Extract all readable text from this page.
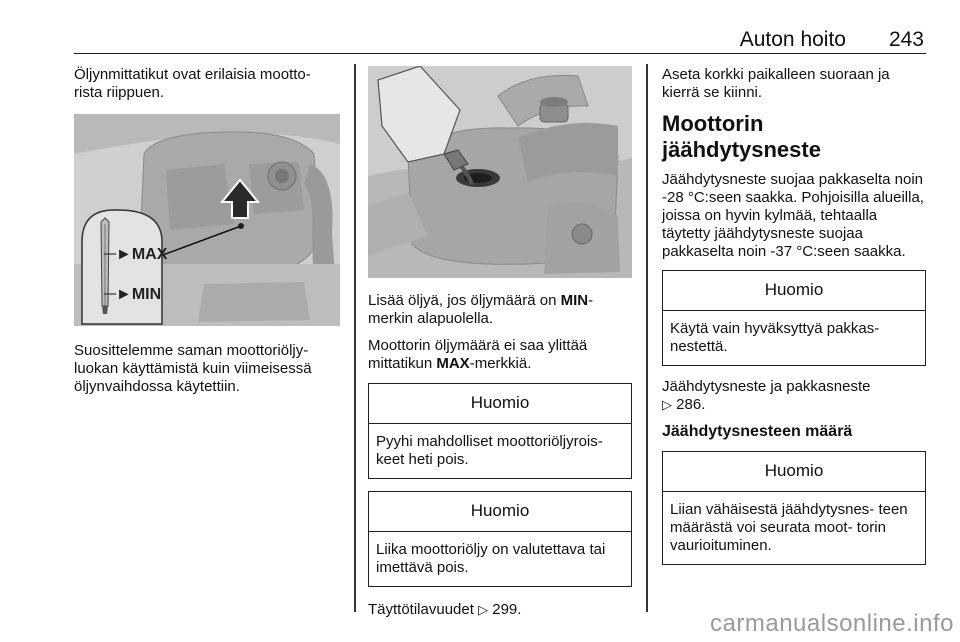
Auton hoito 243

Öljynmittatikut ovat erilaisia mootto- rista riippuen.

►MAX
►MIN

Suosittelemme saman moottoriöljy- luokan käyttämistä kuin viimeisessä öljynvaihdossa käytettiin.

Lisää öljyä, jos öljymäärä on MIN- merkin alapuolella.

Moottorin öljymäärä ei saa ylittää mittatikun MAX-merkkiä.

Huomio
Pyyhi mahdolliset moottoriöljyrois- keet heti pois.
Huomio
Liika moottoriöljy on valutettava tai imettävä pois.

Täyttötilavuudet ▷ 299.

Aseta korkki paikalleen suoraan ja kierrä se kiinni.

Moottorin jäähdytysneste

Jäähdytysneste suojaa pakkaselta noin -28 °C:seen saakka. Pohjoisilla alueilla, joissa on hyvin kylmää, tehtaalla täytetty jäähdytysneste suojaa pakkaselta noin -37 °C:seen saakka.

Huomio
Käytä vain hyväksyttyä pakkas- nestettä.

Jäähdytysneste ja pakkasneste
▷ 286.

Jäähdytysnesteen määrä
Huomio
Liian vähäisestä jäähdytysnes- teen määrästä voi seurata moot- torin vaurioituminen.
carmanualsonline.info
